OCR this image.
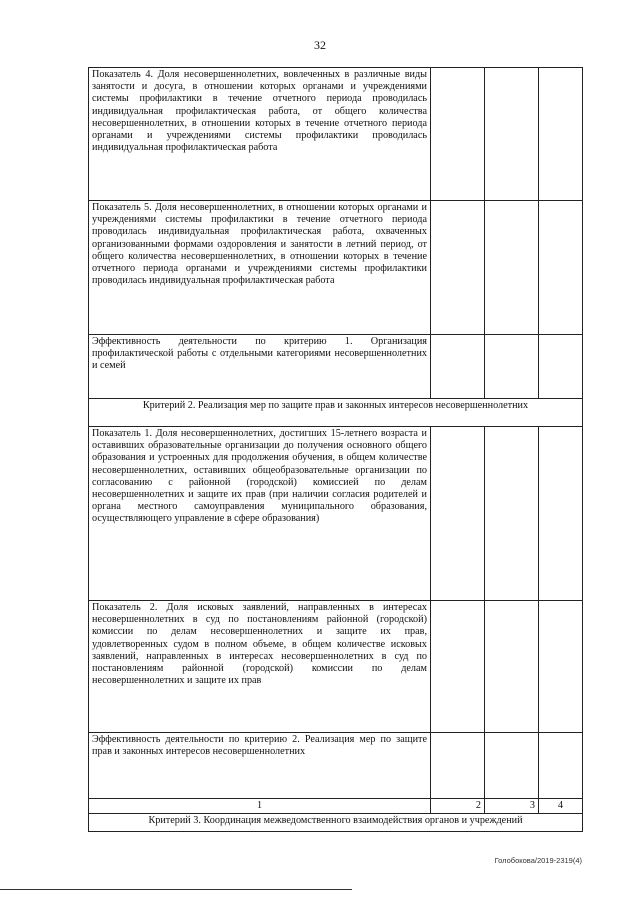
32
Показатель 4. Доля несовершеннолетних, вовлеченных в различные виды занятости и досуга, в отношении которых органами и учреждениями системы профилактики в течение отчетного периода проводилась индивидуальная профилактическая работа, от общего количества несовершеннолетних, в отношении которых в течение отчетного периода органами и учреждениями системы профилактики проводилась индивидуальная профилактическая работа			
Показатель 5. Доля несовершеннолетних, в отношении которых органами и учреждениями системы профилактики в течение отчетного периода проводилась индивидуальная профилактическая работа, охваченных организованными формами оздоровления и занятости в летний период, от общего количества несовершеннолетних, в отношении которых в течение отчетного периода органами и учреждениями системы профилактики проводилась индивидуальная профилактическая работа			
Эффективность деятельности по критерию 1. Организация профилактической работы с отдельными категориями несовершеннолетних и семей			
Критерий 2. Реализация мер по защите прав и законных интересов несовершеннолетних			
Показатель 1. Доля несовершеннолетних, достигших 15-летнего возраста и оставивших образовательные организации до получения основного общего образования и устроенных для продолжения обучения, в общем количестве несовершеннолетних, оставивших общеобразовательные организации по согласованию с районной (городской) комиссией по делам несовершеннолетних и защите их прав (при наличии согласия родителей и органа местного самоуправления муниципального образования, осуществляющего управление в сфере образования)			
Показатель 2. Доля исковых заявлений, направленных в интересах несовершеннолетних в суд по постановлениям районной (городской) комиссии по делам несовершеннолетних и защите их прав, удовлетворенных судом в полном объеме, в общем количестве исковых заявлений, направленных в интересах несовершеннолетних в суд по постановлениям районной (городской) комиссии по делам несовершеннолетних и защите их прав			
Эффективность деятельности по критерию 2. Реализация мер по защите прав и законных интересов несовершеннолетних			
1	2	3	4
Критерий 3. Координация межведомственного взаимодействия органов и учреждений			
Голобокова/2019-2319(4)
